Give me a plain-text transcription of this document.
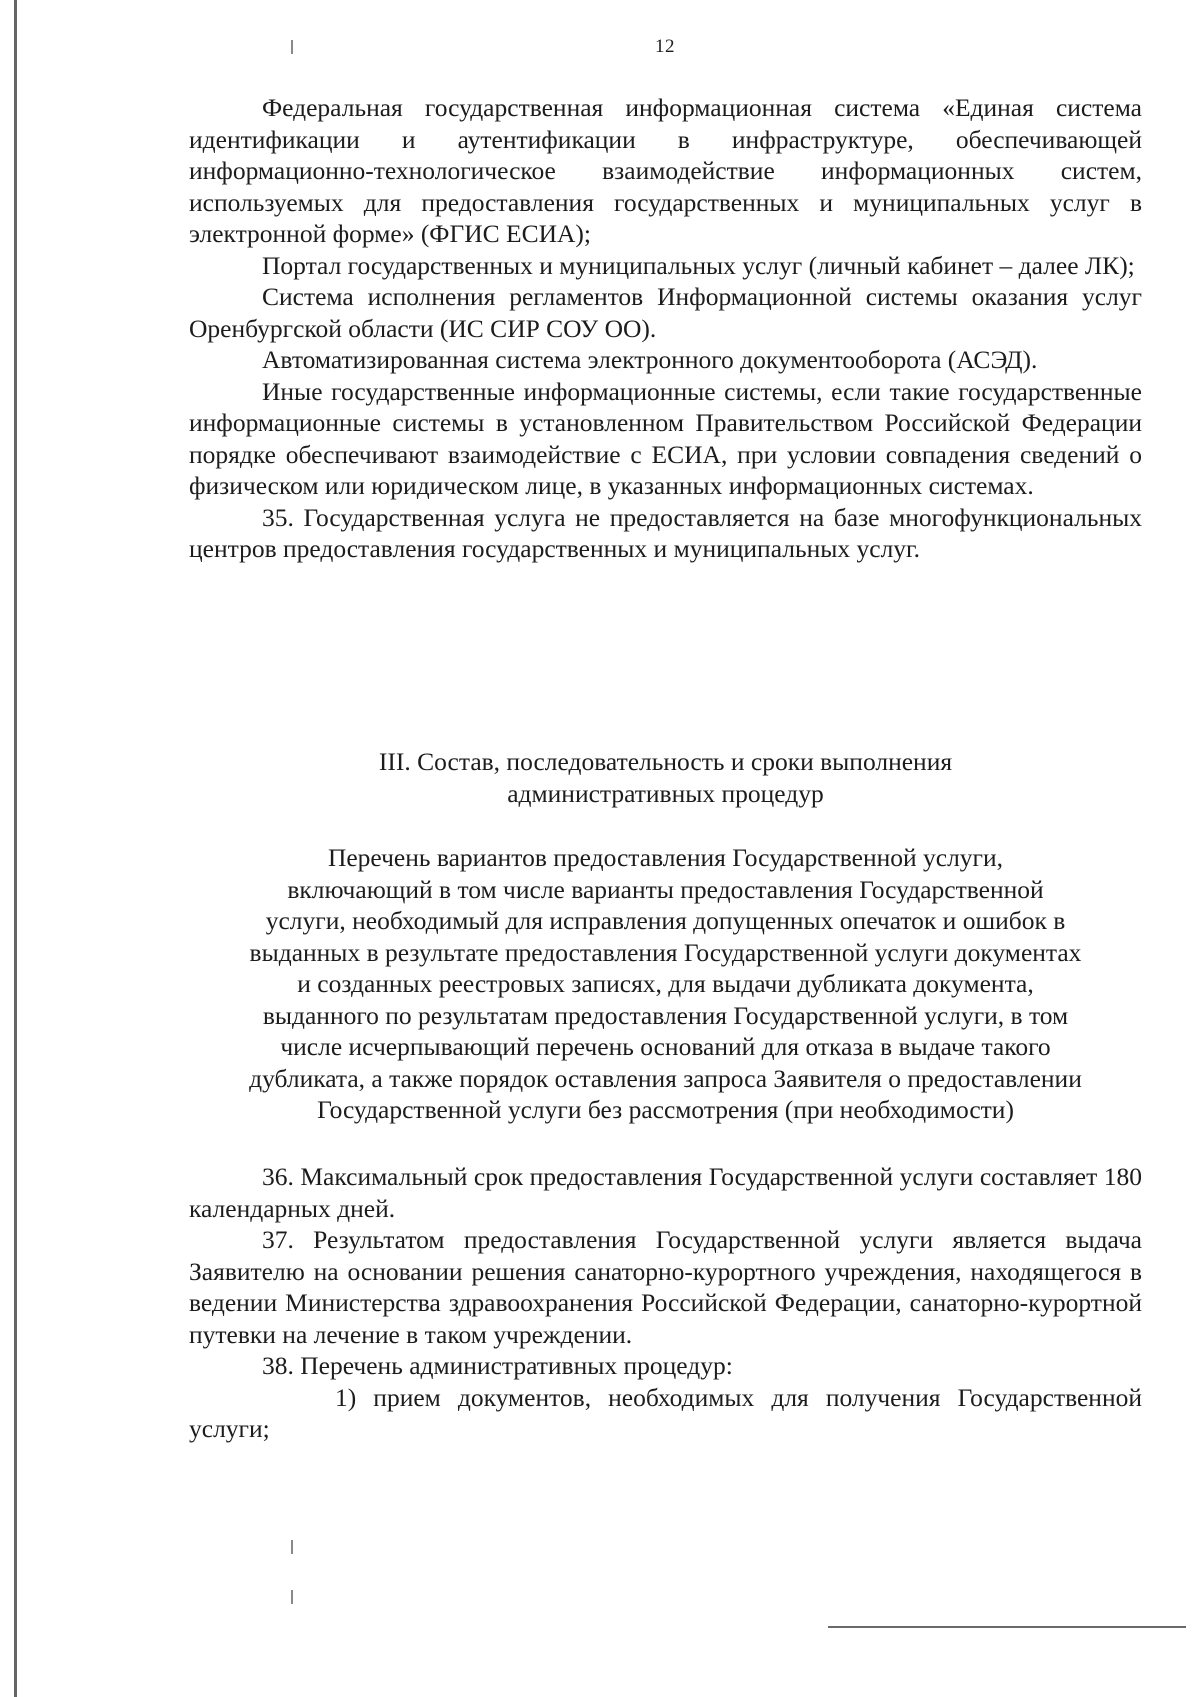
12

Федеральная государственная информационная система «Единая система идентификации и аутентификации в инфраструктуре, обеспечивающей информационно-технологическое взаимодействие информационных систем, используемых для предоставления государственных и муниципальных услуг в электронной форме» (ФГИС ЕСИА);

Портал государственных и муниципальных услуг (личный кабинет – далее ЛК);

Система исполнения регламентов Информационной системы оказания услуг Оренбургской области (ИС СИР СОУ ОО).

Автоматизированная система электронного документооборота (АСЭД).

Иные государственные информационные системы, если такие государственные информационные системы в установленном Правительством Российской Федерации порядке обеспечивают взаимодействие с ЕСИА, при условии совпадения сведений о физическом или юридическом лице, в указанных информационных системах.

35. Государственная услуга не предоставляется на базе многофункциональных центров предоставления государственных и муниципальных услуг.

III. Состав, последовательность и сроки выполнения
административных процедур
Перечень вариантов предоставления Государственной услуги,
включающий в том числе варианты предоставления Государственной
услуги, необходимый для исправления допущенных опечаток и ошибок в
выданных в результате предоставления Государственной услуги документах
и созданных реестровых записях, для выдачи дубликата документа,
выданного по результатам предоставления Государственной услуги, в том
числе исчерпывающий перечень оснований для отказа в выдаче такого
дубликата, а также порядок оставления запроса Заявителя о предоставлении
Государственной услуги без рассмотрения (при необходимости)

36. Максимальный срок предоставления Государственной услуги составляет 180 календарных дней.

37. Результатом предоставления Государственной услуги является выдача Заявителю на основании решения санаторно-курортного учреждения, находящегося в ведении Министерства здравоохранения Российской Федерации, санаторно-курортной путевки на лечение в таком учреждении.

38. Перечень административных процедур:

1) прием документов, необходимых для получения Государственной услуги;
